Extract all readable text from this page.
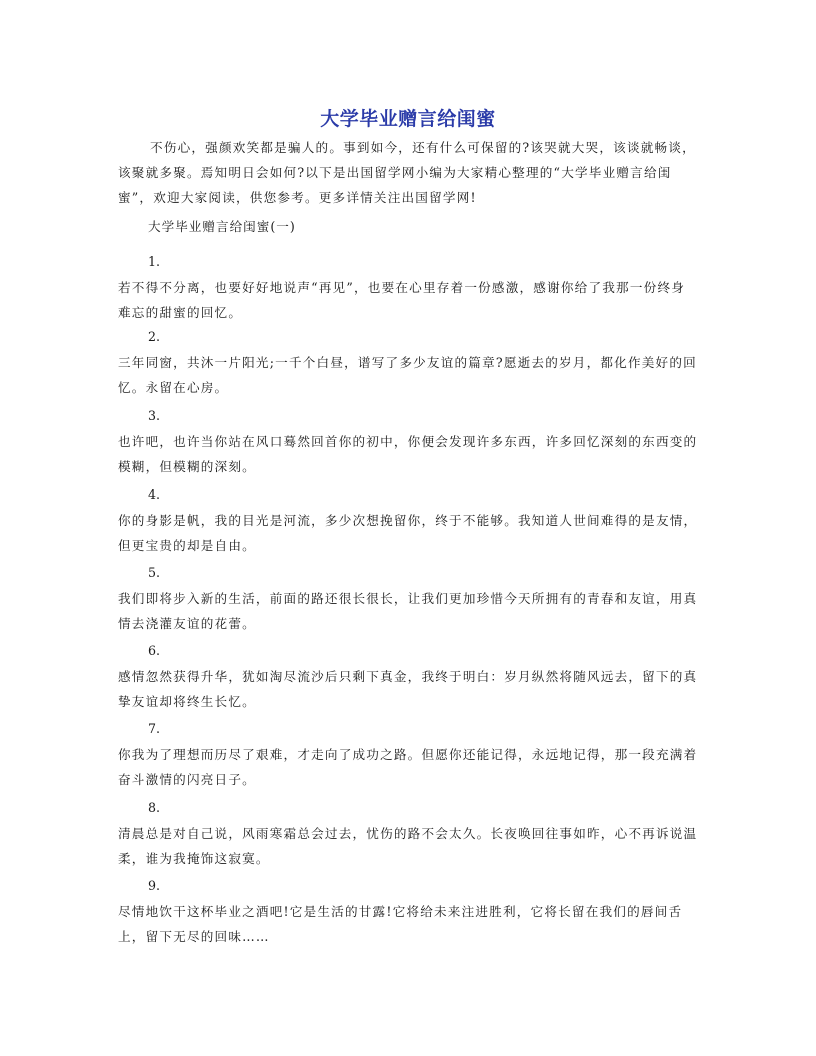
大学毕业赠言给闺蜜

不伤心，强颜欢笑都是骗人的。事到如今，还有什么可保留的?该哭就大哭，该谈就畅谈，该聚就多聚。焉知明日会如何?以下是出国留学网小编为大家精心整理的“大学毕业赠言给闺蜜”，欢迎大家阅读，供您参考。更多详情关注出国留学网!

大学毕业赠言给闺蜜(一)

1.
若不得不分离，也要好好地说声“再见”，也要在心里存着一份感激，感谢你给了我那一份终身难忘的甜蜜的回忆。
2.
三年同窗，共沐一片阳光;一千个白昼，谱写了多少友谊的篇章?愿逝去的岁月，都化作美好的回忆。永留在心房。
3.
也许吧，也许当你站在风口蓦然回首你的初中，你便会发现许多东西，许多回忆深刻的东西变的模糊，但模糊的深刻。
4.
你的身影是帆，我的目光是河流，多少次想挽留你，终于不能够。我知道人世间难得的是友情，但更宝贵的却是自由。
5.
我们即将步入新的生活，前面的路还很长很长，让我们更加珍惜今天所拥有的青春和友谊，用真情去浇灌友谊的花蕾。
6.
感情忽然获得升华，犹如淘尽流沙后只剩下真金，我终于明白：岁月纵然将随风远去，留下的真挚友谊却将终生长忆。
7.
你我为了理想而历尽了艰难，才走向了成功之路。但愿你还能记得，永远地记得，那一段充满着奋斗激情的闪亮日子。
8.
清晨总是对自己说，风雨寒霜总会过去，忧伤的路不会太久。长夜唤回往事如昨，心不再诉说温柔，谁为我掩饰这寂寞。
9.
尽情地饮干这杯毕业之酒吧!它是生活的甘露!它将给未来注进胜利，它将长留在我们的唇间舌上，留下无尽的回味……
